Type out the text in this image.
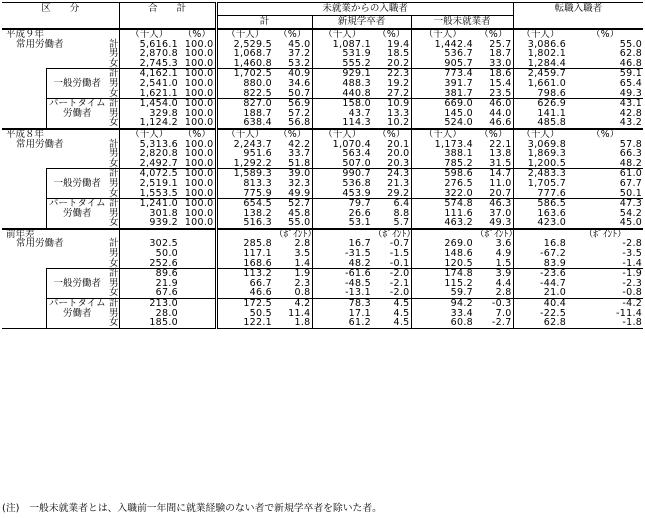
区　　分				合　　計		未就業からの入職者						転職入職者	
						計		新規学卒者		一般未就業者			
平成９年				（千人）	（%）	（千人）	（%）	（千人）	（%）	（千人）	（%）	（千人）	（%）
	常用労働者		計	5,616.1	100.0	2,529.5	45.0	1,087.1	19.4	1,442.4	25.7	3,086.6	55.0
			男	2,870.8	100.0	1,068.7	37.2	531.9	18.5	536.7	18.7	1,802.1	62.8
			女	2,745.3	100.0	1,460.8	53.2	555.2	20.2	905.7	33.0	1,284.4	46.8
			計	4,162.1	100.0	1,702.5	40.9	929.1	22.3	773.4	18.6	2,459.7	59.1
		一般労働者	男	2,541.0	100.0	880.0	34.6	488.3	19.2	391.7	15.4	1,661.0	65.4
			女	1,621.1	100.0	822.5	50.7	440.8	27.2	381.7	23.5	798.6	49.3
		パートタイム	計	1,454.0	100.0	827.0	56.9	158.0	10.9	669.0	46.0	626.9	43.1
		労働者	男	329.8	100.0	188.7	57.2	43.7	13.3	145.0	44.0	141.1	42.8
			女	1,124.2	100.0	638.4	56.8	114.3	10.2	524.0	46.6	485.8	43.2
平成８年				（千人）	（%）	（千人）	（%）	（千人）	（%）	（千人）	（%）	（千人）	（%）
	常用労働者		計	5,313.6	100.0	2,243.7	42.2	1,070.4	20.1	1,173.4	22.1	3,069.8	57.8
			男	2,820.8	100.0	951.6	33.7	563.4	20.0	388.1	13.8	1,869.3	66.3
			女	2,492.7	100.0	1,292.2	51.8	507.0	20.3	785.2	31.5	1,200.5	48.2
			計	4,072.5	100.0	1,589.3	39.0	990.7	24.3	598.6	14.7	2,483.3	61.0
		一般労働者	男	2,519.1	100.0	813.3	32.3	536.8	21.3	276.5	11.0	1,705.7	67.7
			女	1,553.5	100.0	775.9	49.9	453.9	29.2	322.0	20.7	777.6	50.1
		パートタイム	計	1,241.0	100.0	654.5	52.7	79.7	6.4	574.8	46.3	586.5	47.3
		労働者	男	301.8	100.0	138.2	45.8	26.6	8.8	111.6	37.0	163.6	54.2
			女	939.2	100.0	516.3	55.0	53.1	5.7	463.2	49.3	423.0	45.0
前年差							（ﾎﾟｲﾝﾄ）		（ﾎﾟｲﾝﾄ）		（ﾎﾟｲﾝﾄ）		（ﾎﾟｲﾝﾄ）
	常用労働者		計	302.5		285.8	2.8	16.7	-0.7	269.0	3.6	16.8	-2.8
			男	50.0		117.1	3.5	-31.5	-1.5	148.6	4.9	-67.2	-3.5
			女	252.6		168.6	1.4	48.2	-0.1	120.5	1.5	83.9	-1.4
			計	89.6		113.2	1.9	-61.6	-2.0	174.8	3.9	-23.6	-1.9
		一般労働者	男	21.9		66.7	2.3	-48.5	-2.1	115.2	4.4	-44.7	-2.3
			女	67.6		46.6	0.8	-13.1	-2.0	59.7	2.8	21.0	-0.8
		パートタイム	計	213.0		172.5	4.2	78.3	4.5	94.2	-0.3	40.4	-4.2
		労働者	男	28.0		50.5	11.4	17.1	4.5	33.4	7.0	-22.5	-11.4
			女	185.0		122.1	1.8	61.2	4.5	60.8	-2.7	62.8	-1.8
(注)　一般未就業者とは、入職前一年間に就業経験のない者で新規学卒者を除いた者。
